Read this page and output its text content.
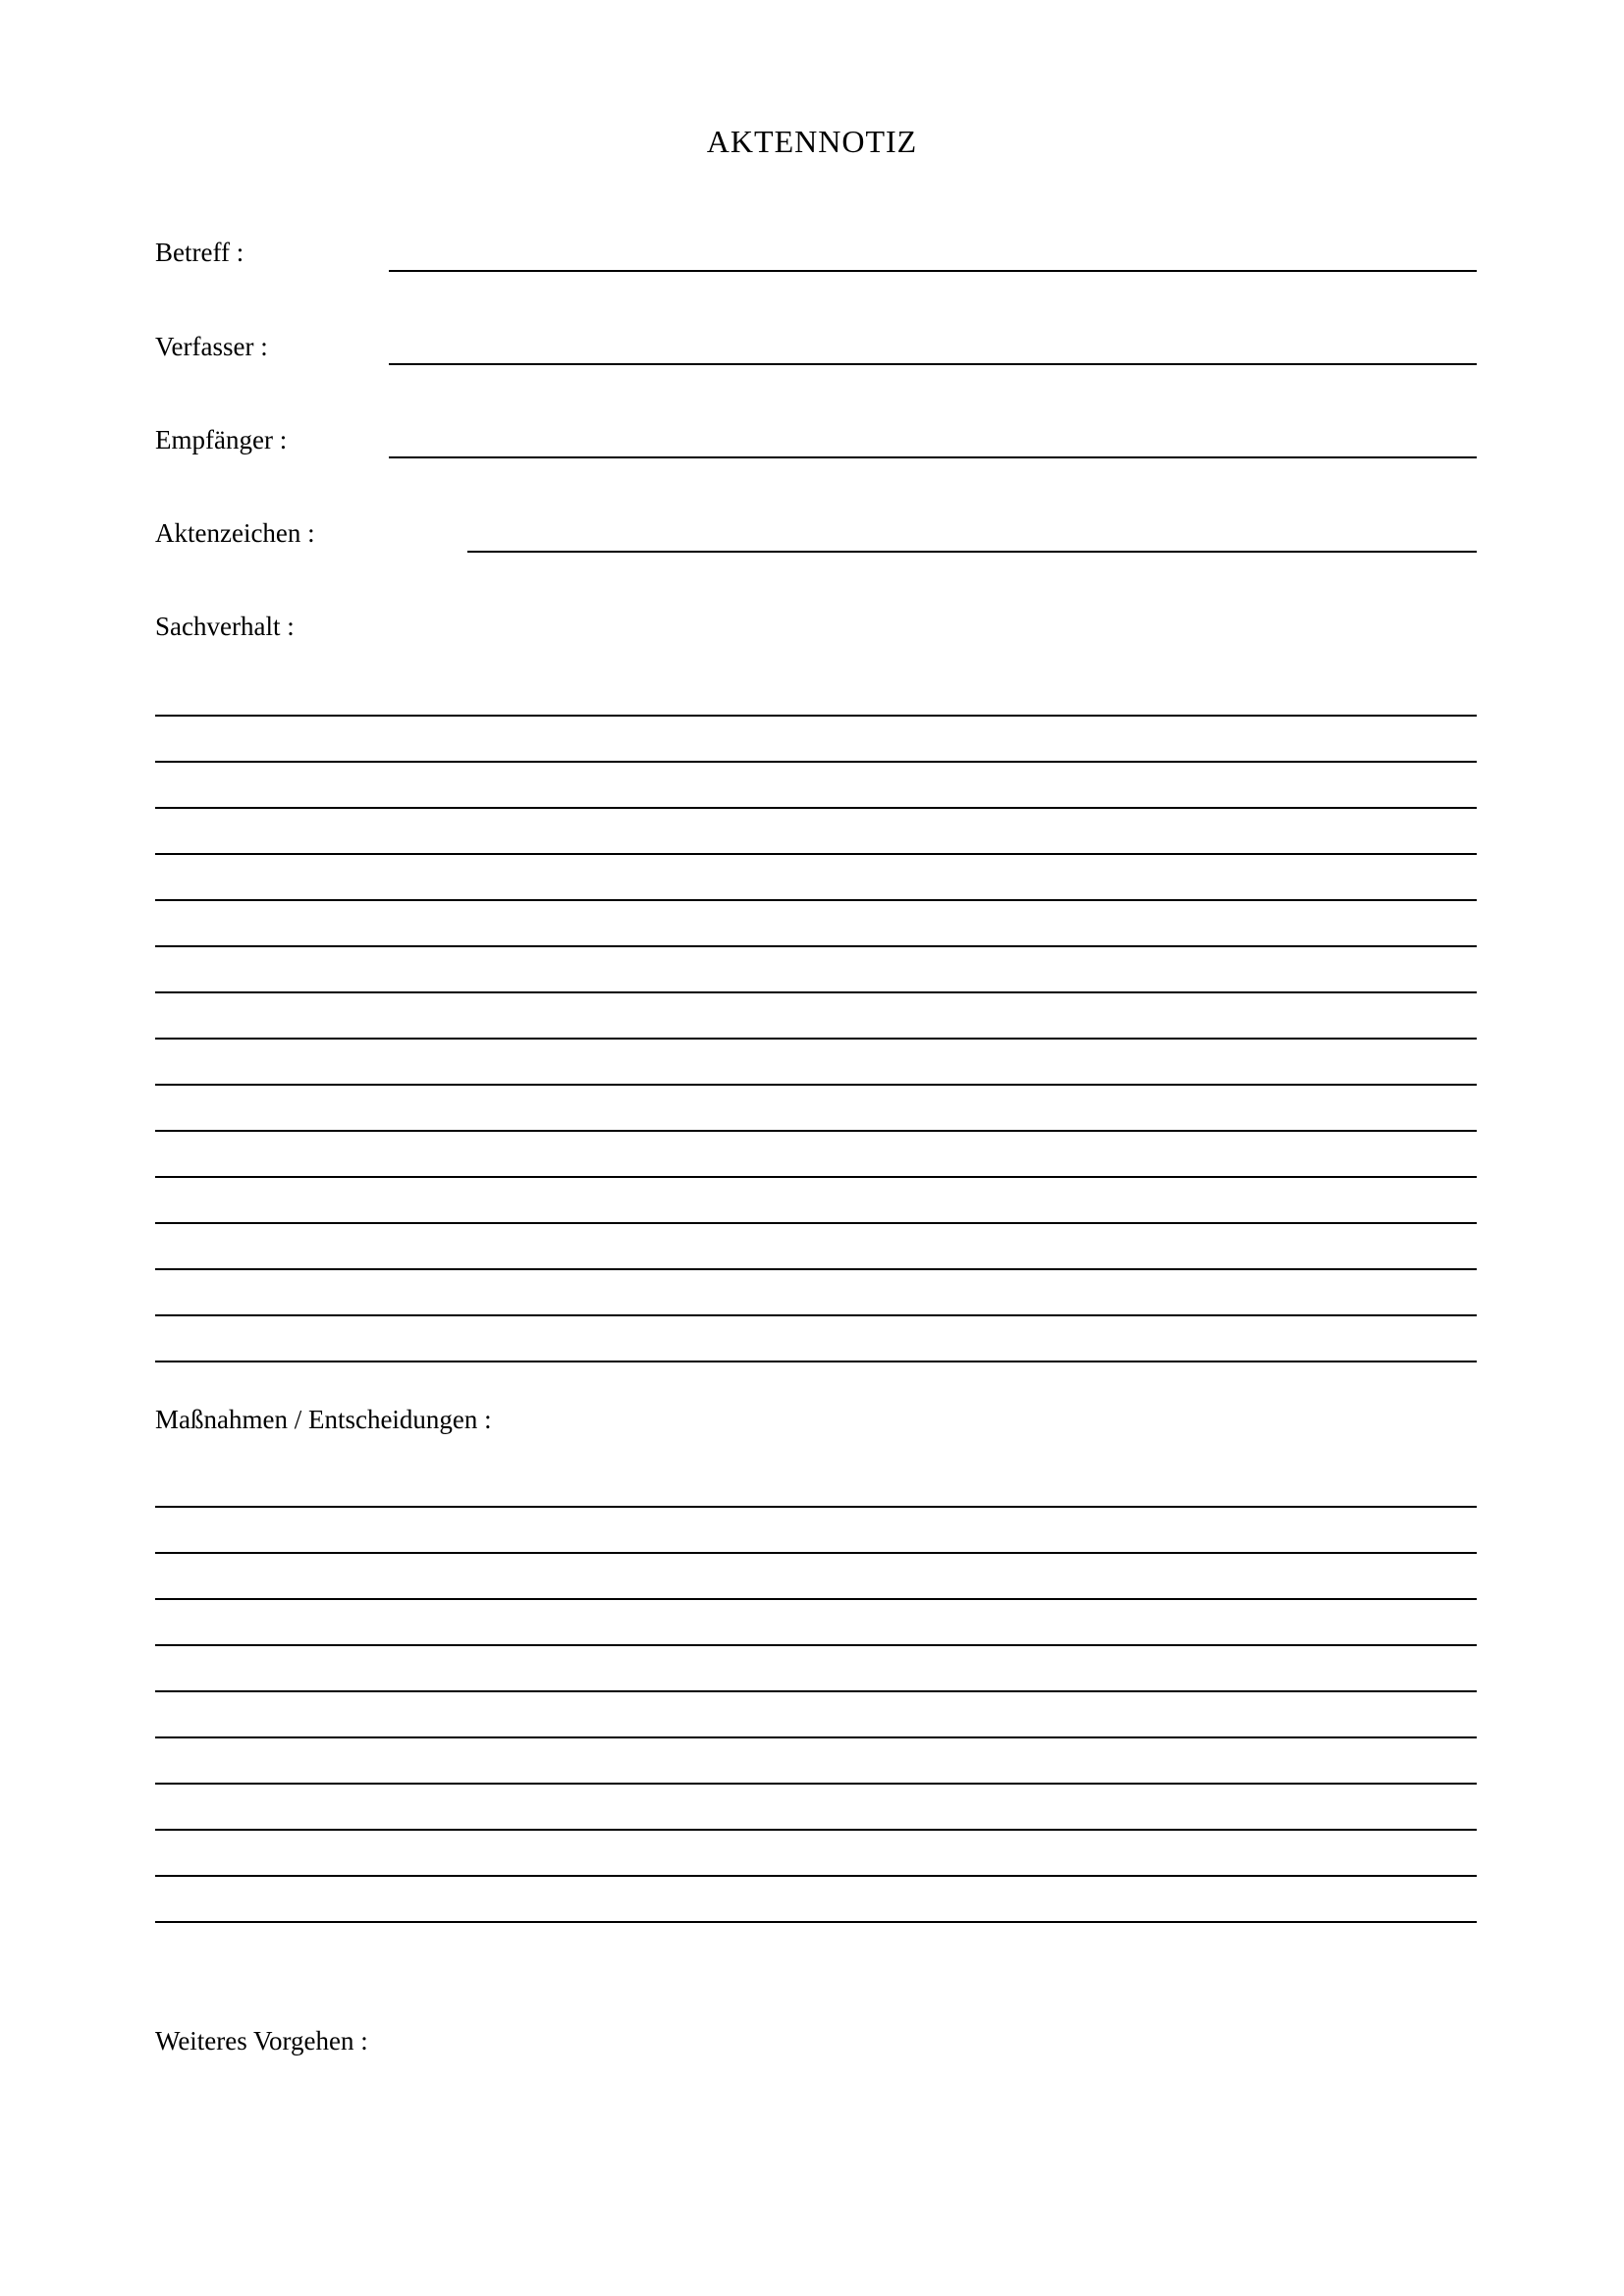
AKTENNOTIZ
Betreff :
Verfasser :
Empfänger :
Aktenzeichen :
Sachverhalt :
Maßnahmen / Entscheidungen :
Weiteres Vorgehen :
